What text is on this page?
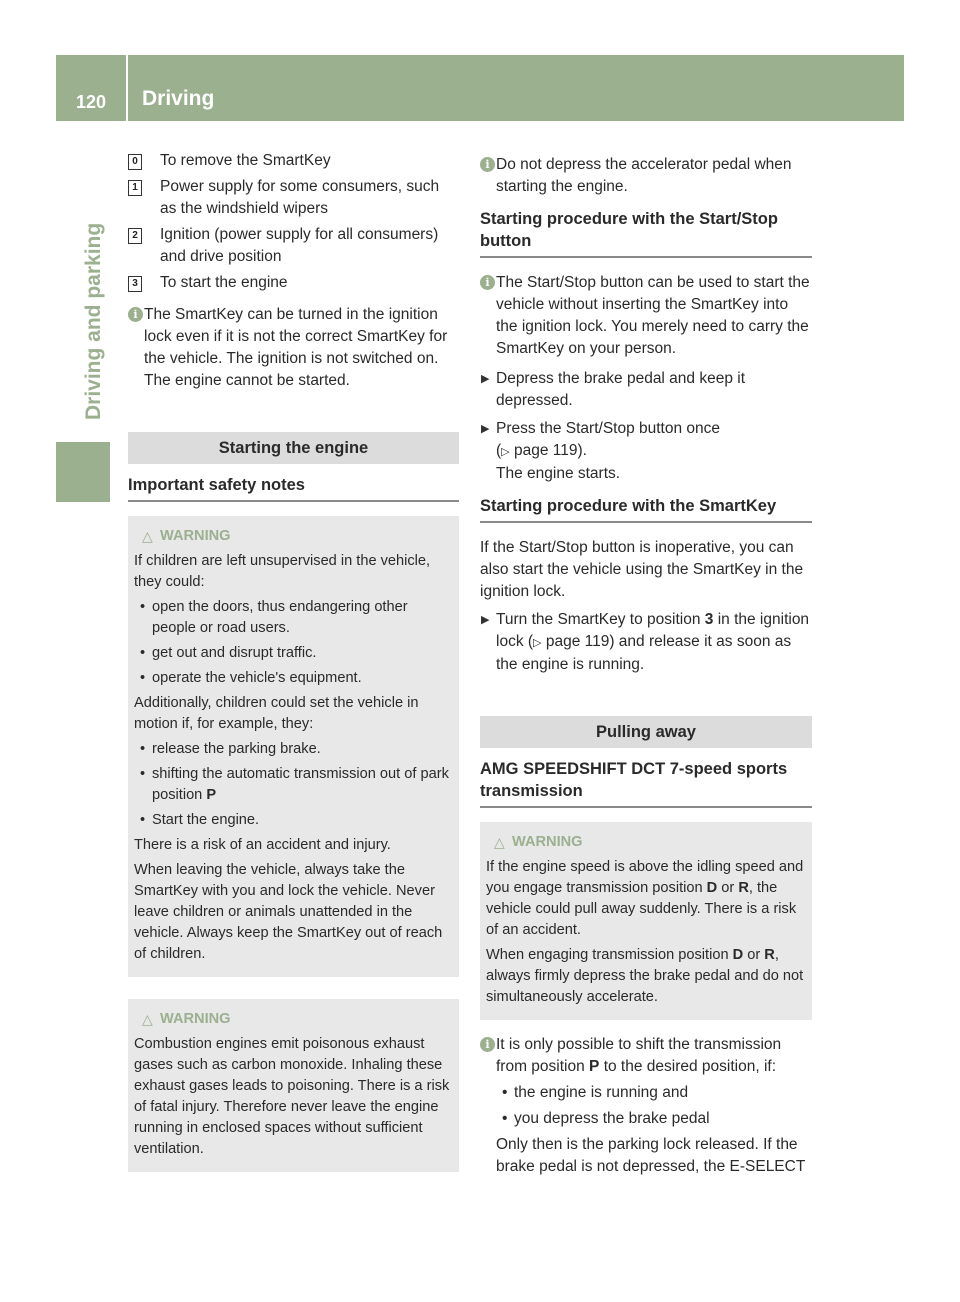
120	Driving
Driving and parking
0 To remove the SmartKey
1 Power supply for some consumers, such as the windshield wipers
2 Ignition (power supply for all consumers) and drive position
3 To start the engine
i The SmartKey can be turned in the ignition lock even if it is not the correct SmartKey for the vehicle. The ignition is not switched on. The engine cannot be started.
Starting the engine
Important safety notes
△ WARNING
If children are left unsupervised in the vehicle, they could:
• open the doors, thus endangering other people or road users.
• get out and disrupt traffic.
• operate the vehicle's equipment.
Additionally, children could set the vehicle in motion if, for example, they:
• release the parking brake.
• shifting the automatic transmission out of park position P
• Start the engine.
There is a risk of an accident and injury.
When leaving the vehicle, always take the SmartKey with you and lock the vehicle. Never leave children or animals unattended in the vehicle. Always keep the SmartKey out of reach of children.
△ WARNING
Combustion engines emit poisonous exhaust gases such as carbon monoxide. Inhaling these exhaust gases leads to poisoning. There is a risk of fatal injury. Therefore never leave the engine running in enclosed spaces without sufficient ventilation.
i Do not depress the accelerator pedal when starting the engine.
Starting procedure with the Start/Stop button
i The Start/Stop button can be used to start the vehicle without inserting the SmartKey into the ignition lock. You merely need to carry the SmartKey on your person.
▶ Depress the brake pedal and keep it depressed.
▶ Press the Start/Stop button once
(▷ page 119).
The engine starts.
Starting procedure with the SmartKey
If the Start/Stop button is inoperative, you can also start the vehicle using the SmartKey in the ignition lock.
▶ Turn the SmartKey to position 3 in the ignition lock (▷ page 119) and release it as soon as the engine is running.
Pulling away
AMG SPEEDSHIFT DCT 7-speed sports transmission
△ WARNING
If the engine speed is above the idling speed and you engage transmission position D or R, the vehicle could pull away suddenly. There is a risk of an accident.
When engaging transmission position D or R, always firmly depress the brake pedal and do not simultaneously accelerate.
i It is only possible to shift the transmission from position P to the desired position, if:
• the engine is running and
• you depress the brake pedal
Only then is the parking lock released. If the brake pedal is not depressed, the E-SELECT
